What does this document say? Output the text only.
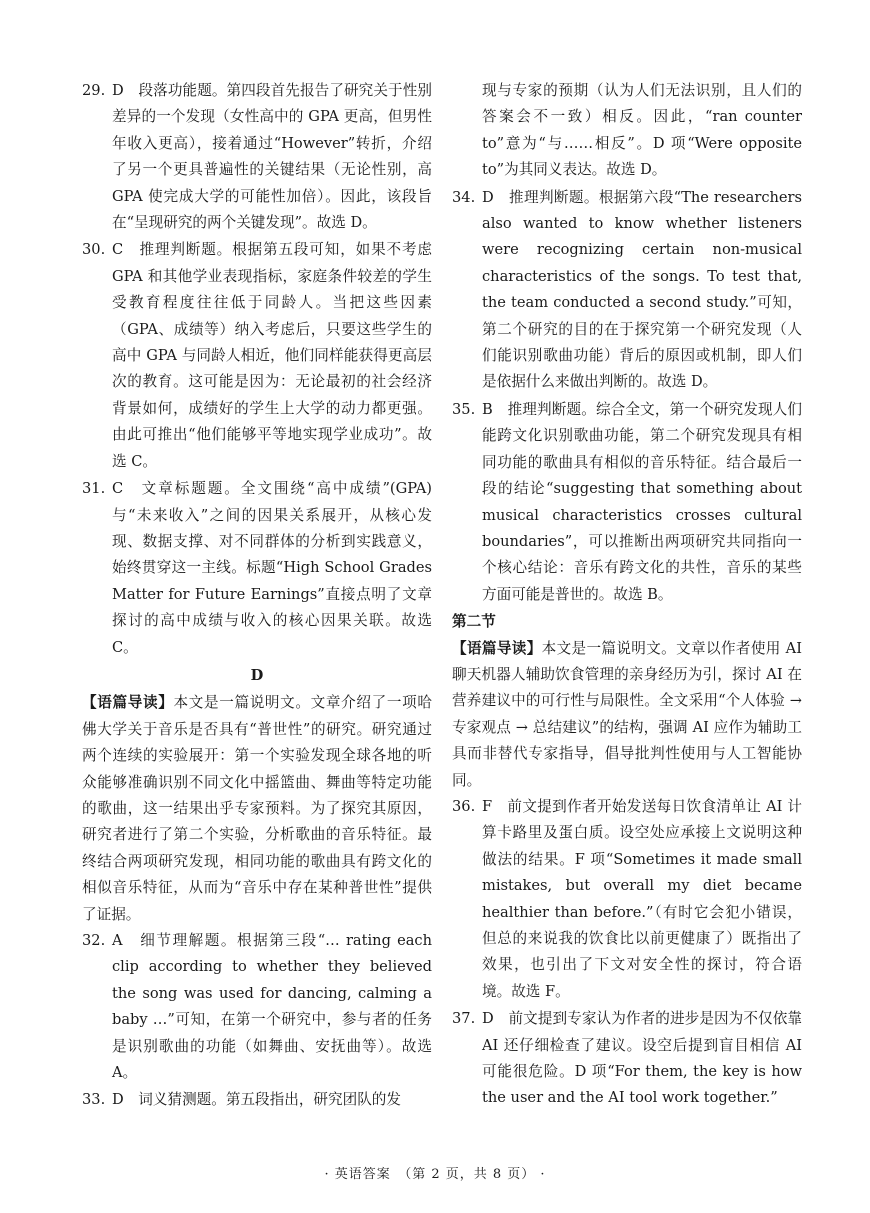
29. D　段落功能题。第四段首先报告了研究关于性别差异的一个发现（女性高中的 GPA 更高，但男性年收入更高），接着通过“However”转折，介绍了另一个更具普遍性的关键结果（无论性别，高 GPA 使完成大学的可能性加倍）。因此，该段旨在“呈现研究的两个关键发现”。故选 D。
30. C　推理判断题。根据第五段可知，如果不考虑 GPA 和其他学业表现指标，家庭条件较差的学生受教育程度往往低于同龄人。当把这些因素（GPA、成绩等）纳入考虑后，只要这些学生的高中 GPA 与同龄人相近，他们同样能获得更高层次的教育。这可能是因为：无论最初的社会经济背景如何，成绩好的学生上大学的动力都更强。由此可推出“他们能够平等地实现学业成功”。故选 C。
31. C　文章标题题。全文围绕“高中成绩”(GPA) 与“未来收入”之间的因果关系展开，从核心发现、数据支撑、对不同群体的分析到实践意义，始终贯穿这一主线。标题“High School Grades Matter for Future Earnings”直接点明了文章探讨的高中成绩与收入的核心因果关联。故选 C。
D
【语篇导读】本文是一篇说明文。文章介绍了一项哈佛大学关于音乐是否具有“普世性”的研究。研究通过两个连续的实验展开：第一个实验发现全球各地的听众能够准确识别不同文化中摇篮曲、舞曲等特定功能的歌曲，这一结果出乎专家预料。为了探究其原因，研究者进行了第二个实验，分析歌曲的音乐特征。最终结合两项研究发现，相同功能的歌曲具有跨文化的相似音乐特征，从而为“音乐中存在某种普世性”提供了证据。
32. A　细节理解题。根据第三段“… rating each clip according to whether they believed the song was used for dancing, calming a baby …”可知，在第一个研究中，参与者的任务是识别歌曲的功能（如舞曲、安抚曲等）。故选 A。
33. D　词义猜测题。第五段指出，研究团队的发
现与专家的预期（认为人们无法识别，且人们的答案会不一致）相反。因此，“ran counter to”意为“与……相反”。D 项“Were opposite to”为其同义表达。故选 D。
34. D　推理判断题。根据第六段“The researchers also wanted to know whether listeners were recognizing certain non-musical characteristics of the songs. To test that, the team conducted a second study.”可知，第二个研究的目的在于探究第一个研究发现（人们能识别歌曲功能）背后的原因或机制，即人们是依据什么来做出判断的。故选 D。
35. B　推理判断题。综合全文，第一个研究发现人们能跨文化识别歌曲功能，第二个研究发现具有相同功能的歌曲具有相似的音乐特征。结合最后一段的结论“suggesting that something about musical characteristics crosses cultural boundaries”，可以推断出两项研究共同指向一个核心结论：音乐有跨文化的共性，音乐的某些方面可能是普世的。故选 B。
第二节
【语篇导读】本文是一篇说明文。文章以作者使用 AI 聊天机器人辅助饮食管理的亲身经历为引，探讨 AI 在营养建议中的可行性与局限性。全文采用“个人体验 → 专家观点 → 总结建议”的结构，强调 AI 应作为辅助工具而非替代专家指导，倡导批判性使用与人工智能协同。
36. F　前文提到作者开始发送每日饮食清单让 AI 计算卡路里及蛋白质。设空处应承接上文说明这种做法的结果。F 项“Sometimes it made small mistakes, but overall my diet became healthier than before.”（有时它会犯小错误，但总的来说我的饮食比以前更健康了）既指出了效果，也引出了下文对安全性的探讨，符合语境。故选 F。
37. D　前文提到专家认为作者的进步是因为不仅依靠 AI 还仔细检查了建议。设空后提到盲目相信 AI 可能很危险。D 项“For them, the key is how the user and the AI tool work together.”
· 英语答案　（第 2 页，共 8 页） ·
